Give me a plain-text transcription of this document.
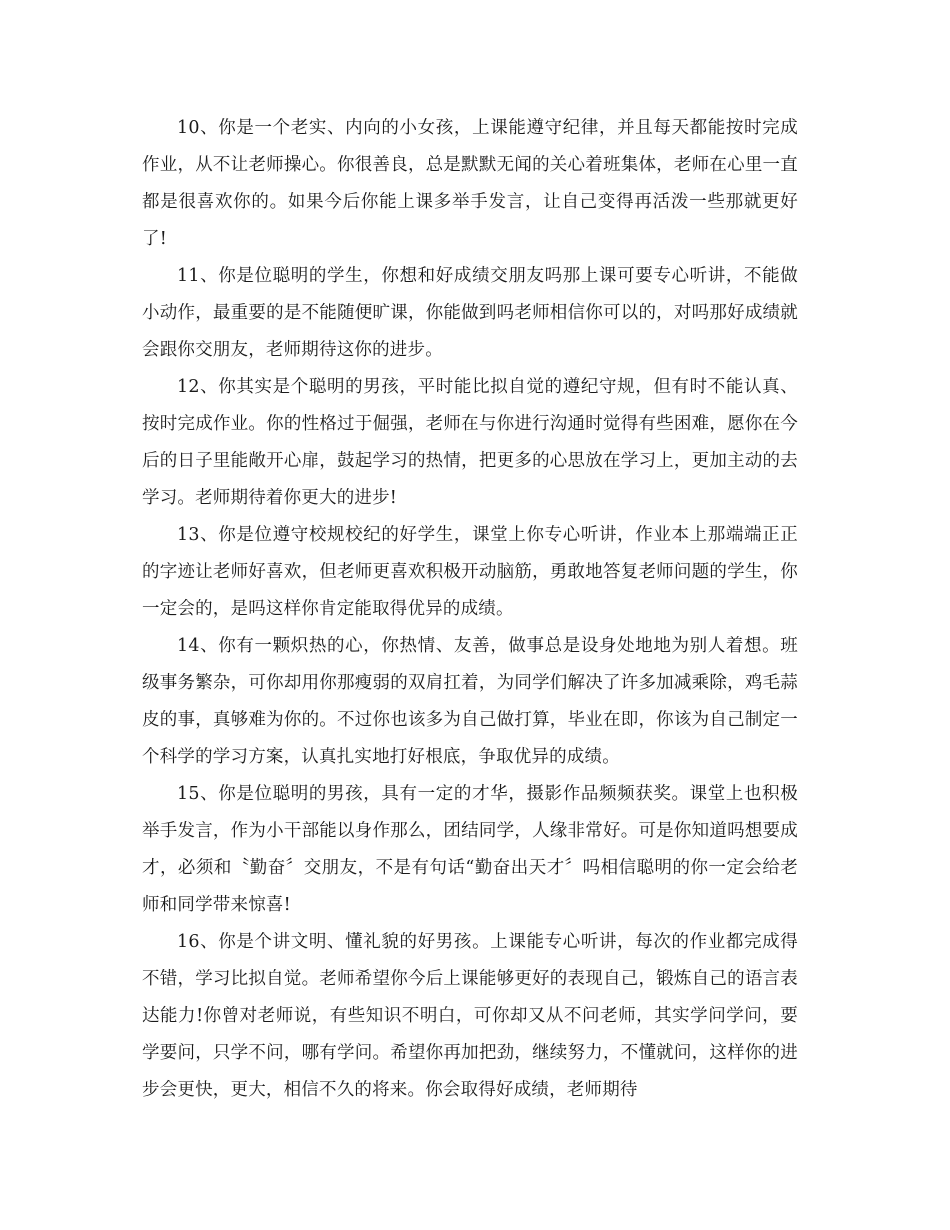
10、你是一个老实、内向的小女孩，上课能遵守纪律，并且每天都能按时完成作业，从不让老师操心。你很善良，总是默默无闻的关心着班集体，老师在心里一直都是很喜欢你的。如果今后你能上课多举手发言，让自己变得再活泼一些那就更好了!

11、你是位聪明的学生，你想和好成绩交朋友吗那上课可要专心听讲，不能做小动作，最重要的是不能随便旷课，你能做到吗老师相信你可以的，对吗那好成绩就会跟你交朋友，老师期待这你的进步。

12、你其实是个聪明的男孩，平时能比拟自觉的遵纪守规，但有时不能认真、按时完成作业。你的性格过于倔强，老师在与你进行沟通时觉得有些困难，愿你在今后的日子里能敞开心扉，鼓起学习的热情，把更多的心思放在学习上，更加主动的去学习。老师期待着你更大的进步!

13、你是位遵守校规校纪的好学生，课堂上你专心听讲，作业本上那端端正正的字迹让老师好喜欢，但老师更喜欢积极开动脑筋，勇敢地答复老师问题的学生，你一定会的，是吗这样你肯定能取得优异的成绩。

14、你有一颗炽热的心，你热情、友善，做事总是设身处地地为别人着想。班级事务繁杂，可你却用你那瘦弱的双肩扛着，为同学们解决了许多加减乘除，鸡毛蒜皮的事，真够难为你的。不过你也该多为自己做打算，毕业在即，你该为自己制定一个科学的学习方案，认真扎实地打好根底，争取优异的成绩。

15、你是位聪明的男孩，具有一定的才华，摄影作品频频获奖。课堂上也积极举手发言，作为小干部能以身作那么，团结同学，人缘非常好。可是你知道吗想要成才，必须和〝勤奋〞交朋友，不是有句话“勤奋出天才〞吗相信聪明的你一定会给老师和同学带来惊喜!

16、你是个讲文明、懂礼貌的好男孩。上课能专心听讲，每次的作业都完成得不错，学习比拟自觉。老师希望你今后上课能够更好的表现自己，锻炼自己的语言表达能力!你曾对老师说，有些知识不明白，可你却又从不问老师，其实学问学问，要学要问，只学不问，哪有学问。希望你再加把劲，继续努力，不懂就问，这样你的进步会更快，更大，相信不久的将来。你会取得好成绩，老师期待
